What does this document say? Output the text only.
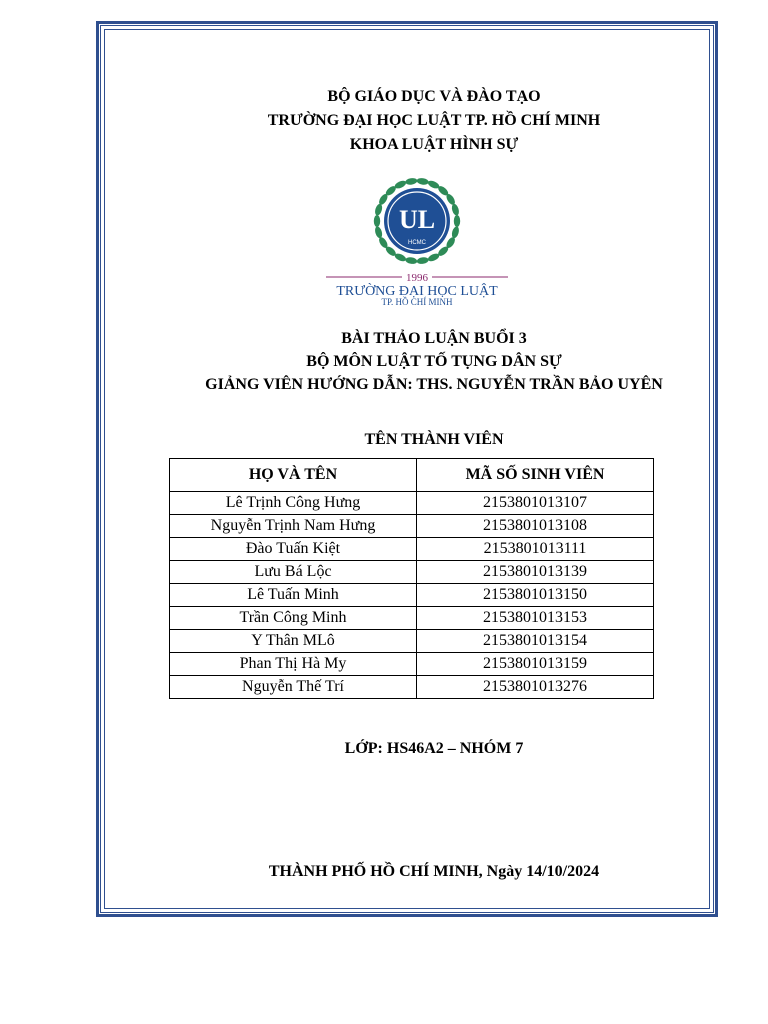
BỘ GIÁO DỤC VÀ ĐÀO TẠO
TRƯỜNG ĐẠI HỌC LUẬT TP. HỒ CHÍ MINH
KHOA LUẬT HÌNH SỰ
UL
HCMC
1996
TRƯỜNG ĐẠI HỌC LUẬT
TP. HỒ CHÍ MINH
BÀI THẢO LUẬN BUỔI 3
BỘ MÔN LUẬT TỐ TỤNG DÂN SỰ
GIẢNG VIÊN HƯỚNG DẪN: THS. NGUYỄN TRẦN BẢO UYÊN
TÊN THÀNH VIÊN
HỌ VÀ TÊN	MÃ SỐ SINH VIÊN
Lê Trịnh Công Hưng	2153801013107
Nguyễn Trịnh Nam Hưng	2153801013108
Đào Tuấn Kiệt	2153801013111
Lưu Bá Lộc	2153801013139
Lê Tuấn Minh	2153801013150
Trần Công Minh	2153801013153
Y Thân MLô	2153801013154
Phan Thị Hà My	2153801013159
Nguyễn Thế Trí	2153801013276
LỚP: HS46A2 – NHÓM 7
THÀNH PHỐ HỒ CHÍ MINH, Ngày 14/10/2024
